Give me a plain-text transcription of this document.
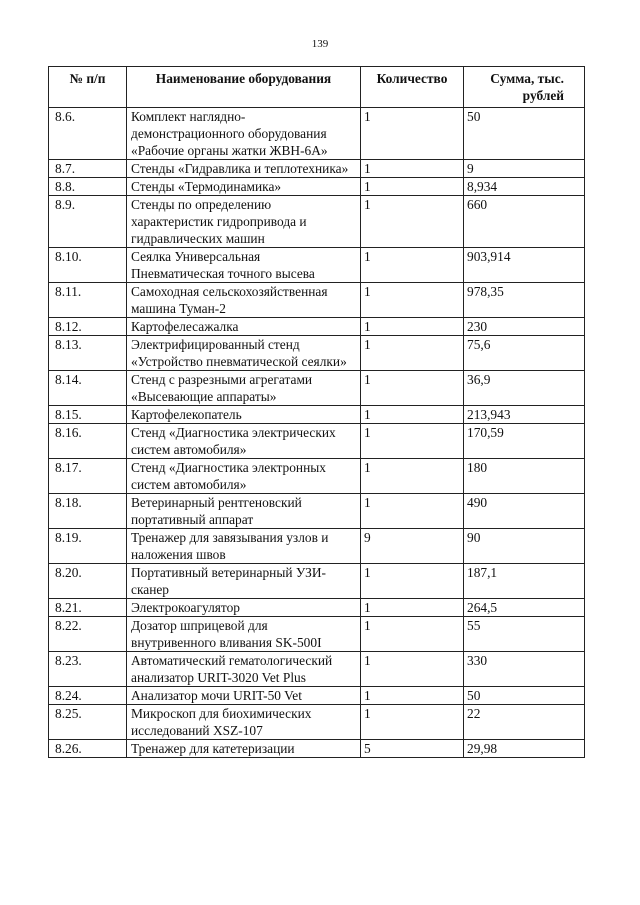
139
№ п/п	Наименование оборудования	Количество	Сумма, тыс. рублей
8.6.	Комплект наглядно-демонстрационного оборудования «Рабочие органы жатки ЖВН-6А»	1	50
8.7.	Стенды «Гидравлика и теплотехника»	1	9
8.8.	Стенды «Термодинамика»	1	8,934
8.9.	Стенды по определению характеристик гидропривода и гидравлических машин	1	660
8.10.	Сеялка Универсальная Пневматическая точного высева	1	903,914
8.11.	Самоходная сельскохозяйственная машина Туман-2	1	978,35
8.12.	Картофелесажалка	1	230
8.13.	Электрифицированный стенд «Устройство пневматической сеялки»	1	75,6
8.14.	Стенд с разрезными агрегатами «Высевающие аппараты»	1	36,9
8.15.	Картофелекопатель	1	213,943
8.16.	Стенд «Диагностика электрических систем автомобиля»	1	170,59
8.17.	Стенд «Диагностика электронных систем автомобиля»	1	180
8.18.	Ветеринарный рентгеновский портативный аппарат	1	490
8.19.	Тренажер для завязывания узлов и наложения швов	9	90
8.20.	Портативный ветеринарный УЗИ-сканер	1	187,1
8.21.	Электрокоагулятор	1	264,5
8.22.	Дозатор шприцевой для внутривенного вливания SK-500I	1	55
8.23.	Автоматический гематологический анализатор URIT-3020 Vet Plus	1	330
8.24.	Анализатор мочи URIT-50 Vet	1	50
8.25.	Микроскоп для биохимических исследований XSZ-107	1	22
8.26.	Тренажер для катетеризации	5	29,98
